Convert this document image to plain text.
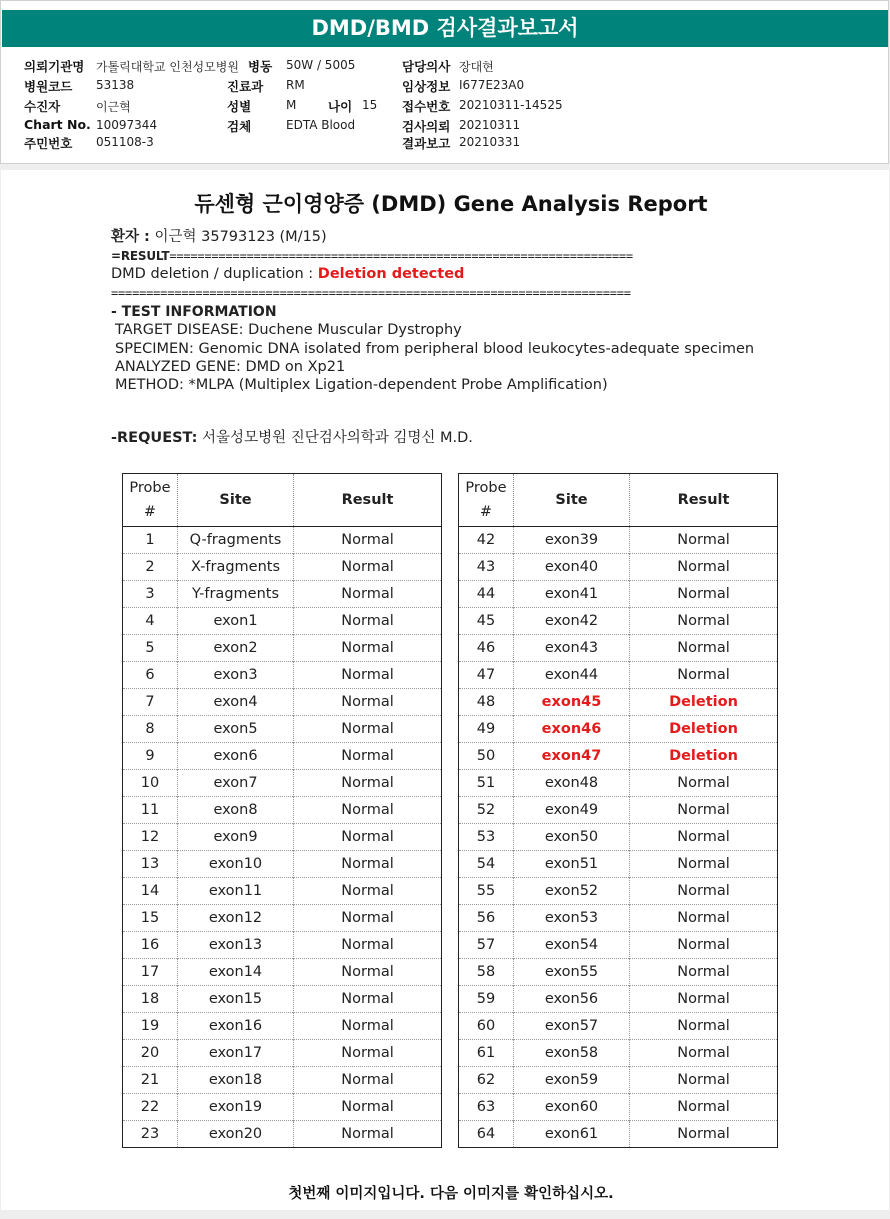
DMD/BMD 검사결과보고서
의뢰기관명 가톨릭대학교 인천성모병원
병원코드 53138
수진자	이근혁
Chart No. 10097344
주민번호 051108-3
병동 50W / 5005
진료과 RM
성별	M	나이 15
검체	EDTA Blood
담당의사 장대현
임상정보 I677E23A0
접수번호 20210311-14525
검사의뢰 20210311
결과보고 20210331
듀센형 근이영양증 (DMD) Gene Analysis Report
환자 : 이근혁 35793123 (M/15)
=RESULT==================================================================
DMD deletion / duplication : Deletion detected
==========================================================================
- TEST INFORMATION
TARGET DISEASE: Duchene Muscular Dystrophy
SPECIMEN: Genomic DNA isolated from peripheral blood leukocytes-adequate specimen
ANALYZED GENE: DMD on Xp21
METHOD: *MLPA (Multiplex Ligation-dependent Probe Amplification)
-REQUEST: 서울성모병원 진단검사의학과 김명신 M.D.
Probe
#	Site	Result
1	Q-fragments	Normal
2	X-fragments	Normal
3	Y-fragments	Normal
4	exon1	Normal
5	exon2	Normal
6	exon3	Normal
7	exon4	Normal
8	exon5	Normal
9	exon6	Normal
10	exon7	Normal
11	exon8	Normal
12	exon9	Normal
13	exon10	Normal
14	exon11	Normal
15	exon12	Normal
16	exon13	Normal
17	exon14	Normal
18	exon15	Normal
19	exon16	Normal
20	exon17	Normal
21	exon18	Normal
22	exon19	Normal
23	exon20	Normal
Probe
#	Site	Result
42	exon39	Normal
43	exon40	Normal
44	exon41	Normal
45	exon42	Normal
46	exon43	Normal
47	exon44	Normal
48	exon45	Deletion
49	exon46	Deletion
50	exon47	Deletion
51	exon48	Normal
52	exon49	Normal
53	exon50	Normal
54	exon51	Normal
55	exon52	Normal
56	exon53	Normal
57	exon54	Normal
58	exon55	Normal
59	exon56	Normal
60	exon57	Normal
61	exon58	Normal
62	exon59	Normal
63	exon60	Normal
64	exon61	Normal
첫번째 이미지입니다. 다음 이미지를 확인하십시오.
